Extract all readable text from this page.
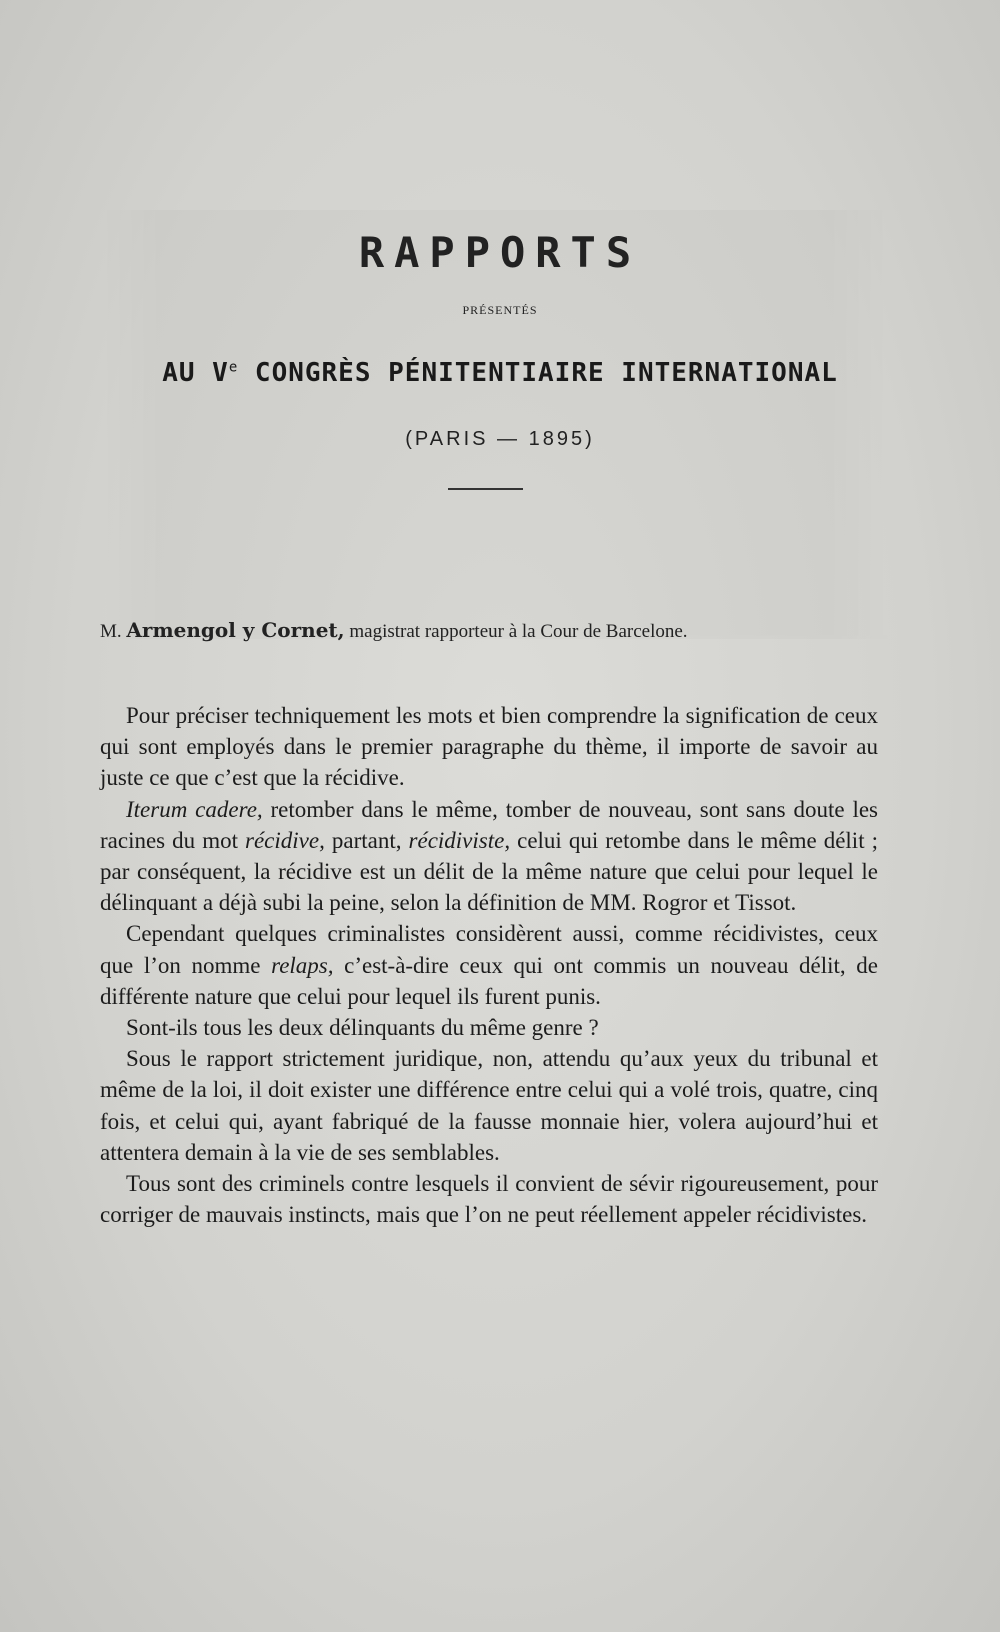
RAPPORTS
PRÉSENTÉS
AU Ve CONGRÈS PÉNITENTIAIRE INTERNATIONAL
(PARIS — 1895)
M. Armengol y Cornet, magistrat rapporteur à la Cour de Barcelone.

Pour préciser techniquement les mots et bien comprendre la signification de ceux qui sont employés dans le premier paragraphe du thème, il importe de savoir au juste ce que c’est que la récidive.

Iterum cadere, retomber dans le même, tomber de nouveau, sont sans doute les racines du mot récidive, partant, récidiviste, celui qui retombe dans le même délit ; par conséquent, la récidive est un délit de la même nature que celui pour lequel le délinquant a déjà subi la peine, selon la définition de MM. Rogror et Tissot.

Cependant quelques criminalistes considèrent aussi, comme récidivistes, ceux que l’on nomme relaps, c’est-à-dire ceux qui ont commis un nouveau délit, de différente nature que celui pour lequel ils furent punis.

Sont-ils tous les deux délinquants du même genre ?

Sous le rapport strictement juridique, non, attendu qu’aux yeux du tribunal et même de la loi, il doit exister une différence entre celui qui a volé trois, quatre, cinq fois, et celui qui, ayant fabriqué de la fausse monnaie hier, volera aujourd’hui et attentera demain à la vie de ses semblables.

Tous sont des criminels contre lesquels il convient de sévir rigoureusement, pour corriger de mauvais instincts, mais que l’on ne peut réellement appeler récidivistes.
